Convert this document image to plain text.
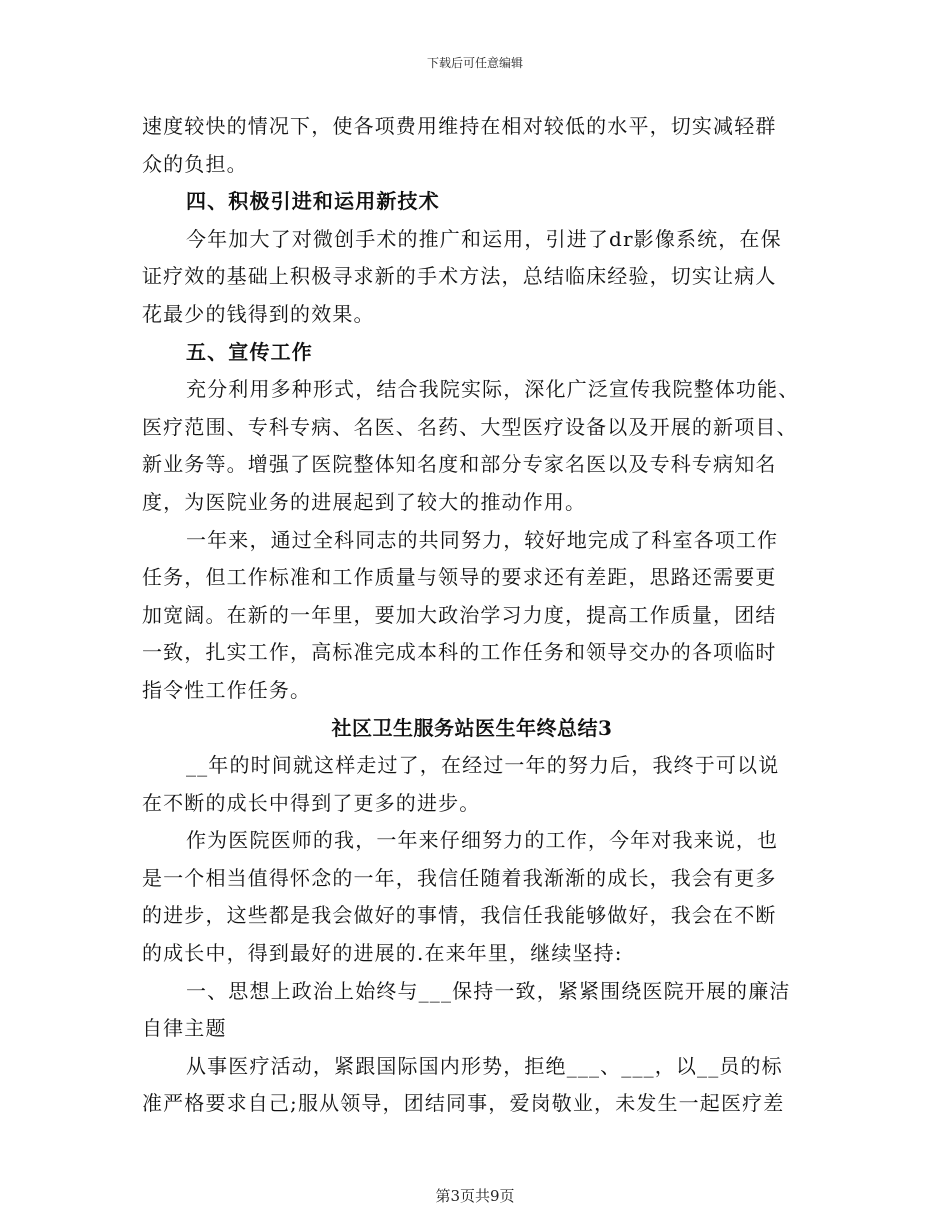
下载后可任意编辑
速度较快的情况下，使各项费用维持在相对较低的水平，切实减轻群
众的负担。
四、积极引进和运用新技术
今年加大了对微创手术的推广和运用，引进了dr影像系统，在保
证疗效的基础上积极寻求新的手术方法，总结临床经验，切实让病人
花最少的钱得到的效果。
五、宣传工作
充分利用多种形式，结合我院实际，深化广泛宣传我院整体功能、
医疗范围、专科专病、名医、名药、大型医疗设备以及开展的新项目、
新业务等。增强了医院整体知名度和部分专家名医以及专科专病知名
度，为医院业务的进展起到了较大的推动作用。
一年来，通过全科同志的共同努力，较好地完成了科室各项工作
任务，但工作标准和工作质量与领导的要求还有差距，思路还需要更
加宽阔。在新的一年里，要加大政治学习力度，提高工作质量，团结
一致，扎实工作，高标准完成本科的工作任务和领导交办的各项临时
指令性工作任务。
社区卫生服务站医生年终总结3
__年的时间就这样走过了，在经过一年的努力后，我终于可以说
在不断的成长中得到了更多的进步。
作为医院医师的我，一年来仔细努力的工作，今年对我来说，也
是一个相当值得怀念的一年，我信任随着我渐渐的成长，我会有更多
的进步，这些都是我会做好的事情，我信任我能够做好，我会在不断
的成长中，得到最好的进展的.在来年里，继续坚持:
一、思想上政治上始终与___保持一致，紧紧围绕医院开展的廉洁
自律主题
从事医疗活动，紧跟国际国内形势，拒绝___、___，以__员的标
准严格要求自己;服从领导，团结同事，爱岗敬业，未发生一起医疗差
第3页共9页
